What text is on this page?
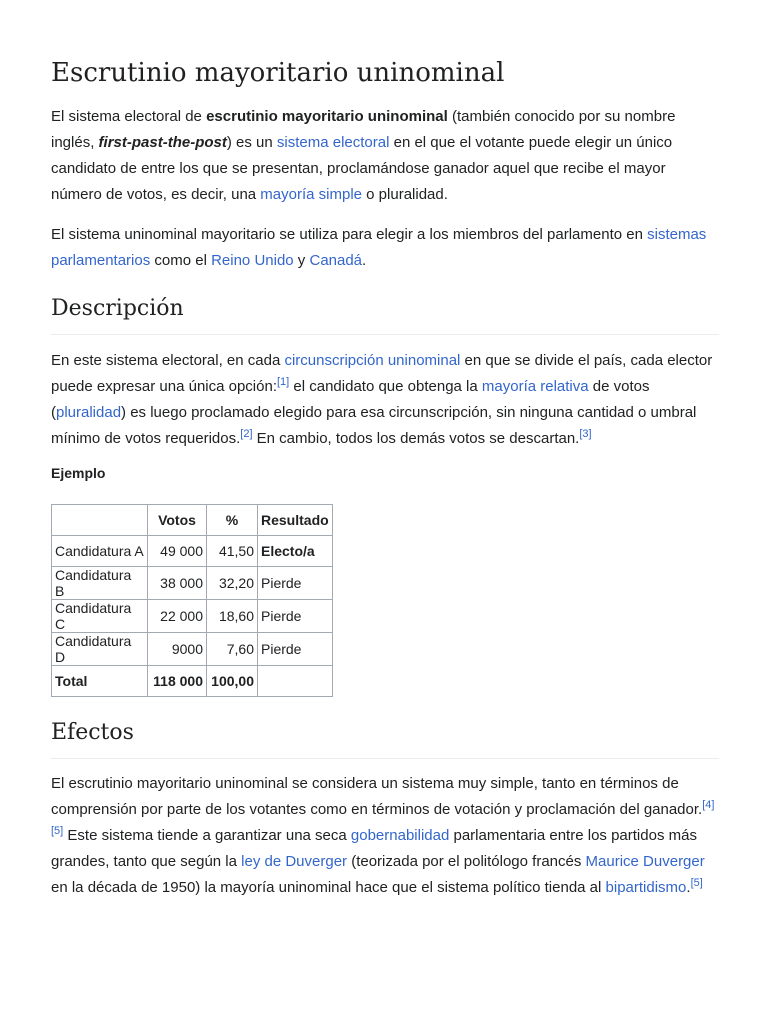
Escrutinio mayoritario uninominal

El sistema electoral de escrutinio mayoritario uninominal (también conocido por su nombre inglés, first-past-the-post) es un sistema electoral en el que el votante puede elegir un único candidato de entre los que se presentan, proclamándose ganador aquel que recibe el mayor número de votos, es decir, una mayoría simple o pluralidad.

El sistema uninominal mayoritario se utiliza para elegir a los miembros del parlamento en sistemas parlamentarios como el Reino Unido y Canadá.

Descripción

En este sistema electoral, en cada circunscripción uninominal en que se divide el país, cada elector puede expresar una única opción:[1] el candidato que obtenga la mayoría relativa de votos (pluralidad) es luego proclamado elegido para esa circunscripción, sin ninguna cantidad o umbral mínimo de votos requeridos.[2] En cambio, todos los demás votos se descartan.[3]

Ejemplo
	Votos	%	Resultado
Candidatura A	49 000	41,50	Electo/a
Candidatura B	38 000	32,20	Pierde
Candidatura C	22 000	18,60	Pierde
Candidatura D	9000	7,60	Pierde
Total	118 000	100,00	
Efectos

El escrutinio mayoritario uninominal se considera un sistema muy simple, tanto en términos de comprensión por parte de los votantes como en términos de votación y proclamación del ganador.[4] [5] Este sistema tiende a garantizar una seca gobernabilidad parlamentaria entre los partidos más grandes, tanto que según la ley de Duverger (teorizada por el politólogo francés Maurice Duverger en la década de 1950) la mayoría uninominal hace que el sistema político tienda al bipartidismo.[5]
